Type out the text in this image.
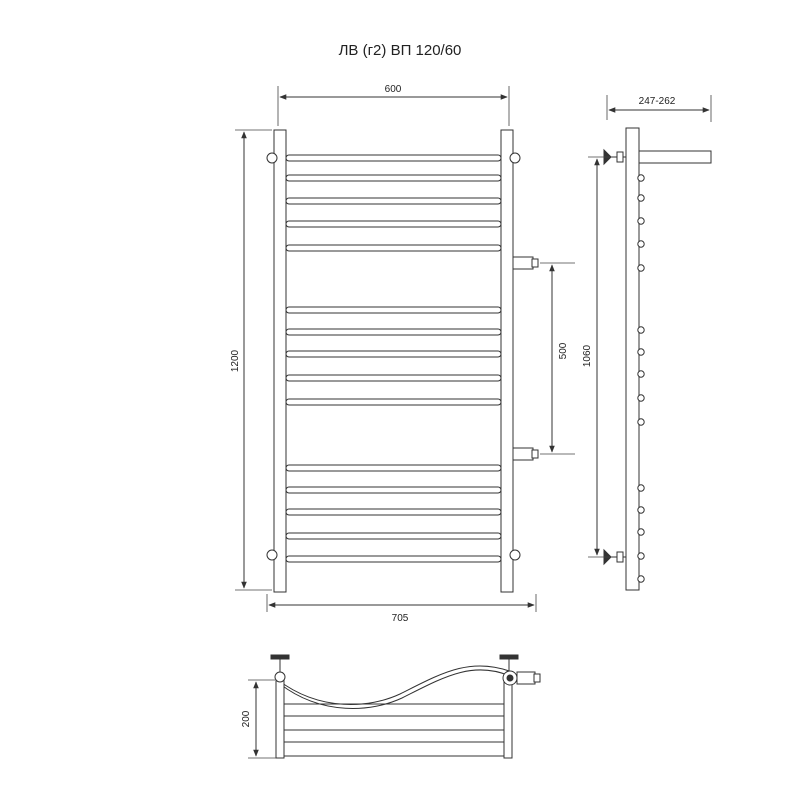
ЛВ (г2) ВП 120/60
600
1200
705
500
247-262
1060
200
